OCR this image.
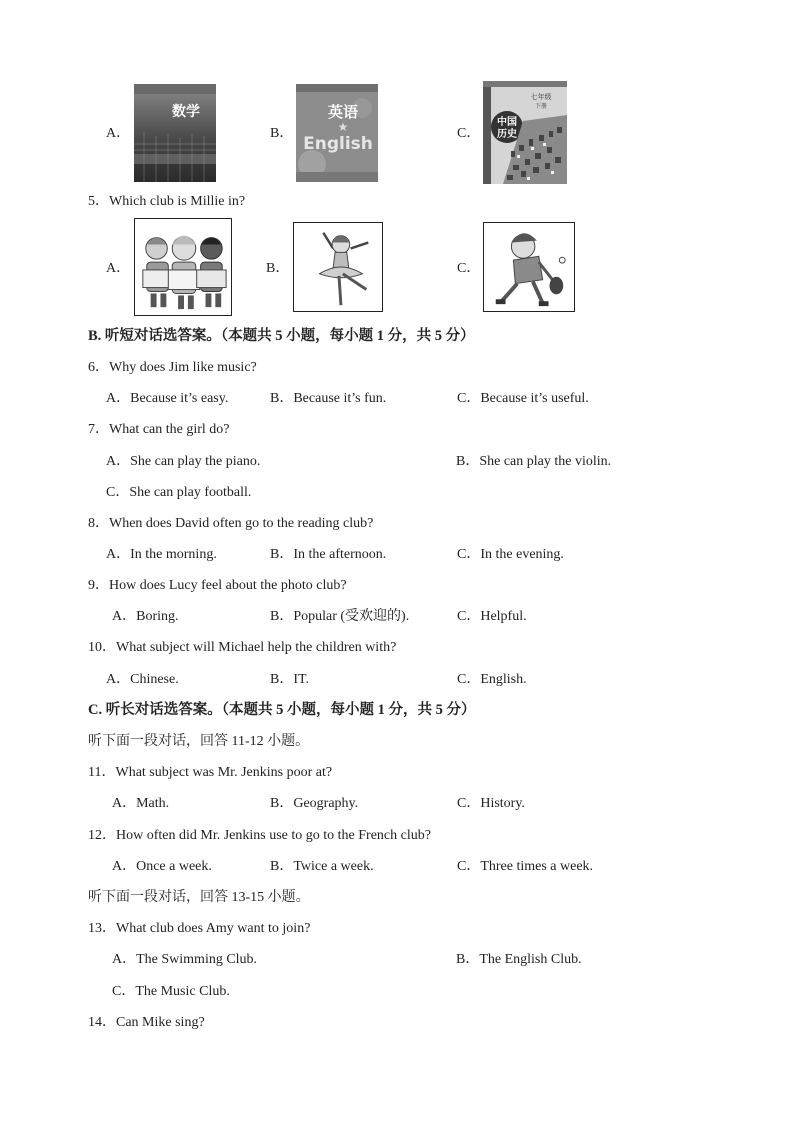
A．
数学
B．
英语
★
English
C．
七年级
下册
中国
历史
5．Which club is Millie in?
A．	B．	C．
B. 听短对话选答案。（本题共 5 小题，每小题 1 分，共 5 分）
6．Why does Jim like music?
A．Because it’s easy.	B．Because it’s fun.	C．Because it’s useful.
7．What can the girl do?
A．She can play the piano.	B．She can play the violin.
C．She can play football.
8．When does David often go to the reading club?
A．In the morning.	B．In the afternoon.	C．In the evening.
9．How does Lucy feel about the photo club?
A．Boring.	B．Popular (受欢迎的).	C．Helpful.
10．What subject will Michael help the children with?
A．Chinese.	B．IT.	C．English.
C. 听长对话选答案。（本题共 5 小题，每小题 1 分，共 5 分）
听下面一段对话，回答 11-12 小题。
11．What subject was Mr. Jenkins poor at?
A．Math.	B．Geography.	C．History.
12．How often did Mr. Jenkins use to go to the French club?
A．Once a week.	B．Twice a week.	C．Three times a week.
听下面一段对话，回答 13-15 小题。
13．What club does Amy want to join?
A．The Swimming Club.	B．The English Club.
C．The Music Club.
14．Can Mike sing?
